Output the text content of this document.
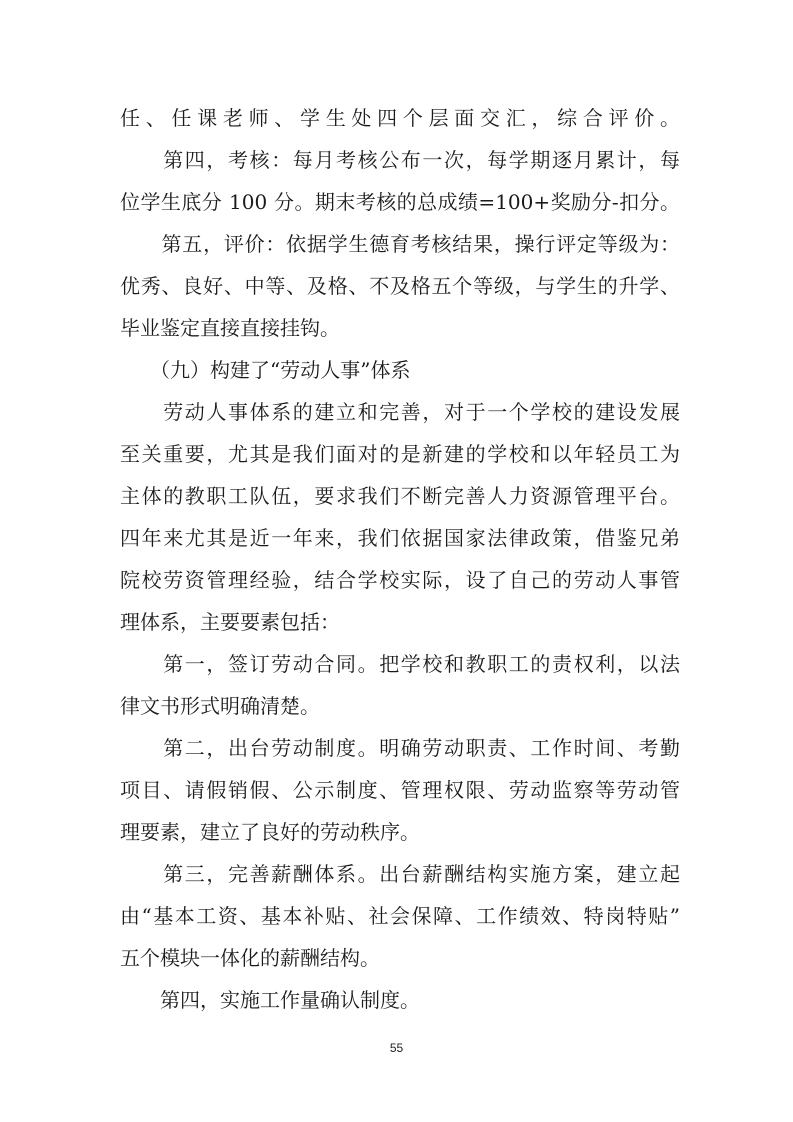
任、任课老师、学生处四个层面交汇，综合评价。
　　第四，考核：每月考核公布一次，每学期逐月累计，每
位学生底分 100 分。期末考核的总成绩=100+奖励分-扣分。
　　第五，评价：依据学生德育考核结果，操行评定等级为：
优秀、良好、中等、及格、不及格五个等级，与学生的升学、
毕业鉴定直接直接挂钩。
　　（九）构建了“劳动人事”体系
　　劳动人事体系的建立和完善，对于一个学校的建设发展
至关重要，尤其是我们面对的是新建的学校和以年轻员工为
主体的教职工队伍，要求我们不断完善人力资源管理平台。
四年来尤其是近一年来，我们依据国家法律政策，借鉴兄弟
院校劳资管理经验，结合学校实际，设了自己的劳动人事管
理体系，主要要素包括：
　　第一，签订劳动合同。把学校和教职工的责权利，以法
律文书形式明确清楚。
　　第二，出台劳动制度。明确劳动职责、工作时间、考勤
项目、请假销假、公示制度、管理权限、劳动监察等劳动管
理要素，建立了良好的劳动秩序。
　　第三，完善薪酬体系。出台薪酬结构实施方案，建立起
由“基本工资、基本补贴、社会保障、工作绩效、特岗特贴”
五个模块一体化的薪酬结构。
　　第四，实施工作量确认制度。
55
